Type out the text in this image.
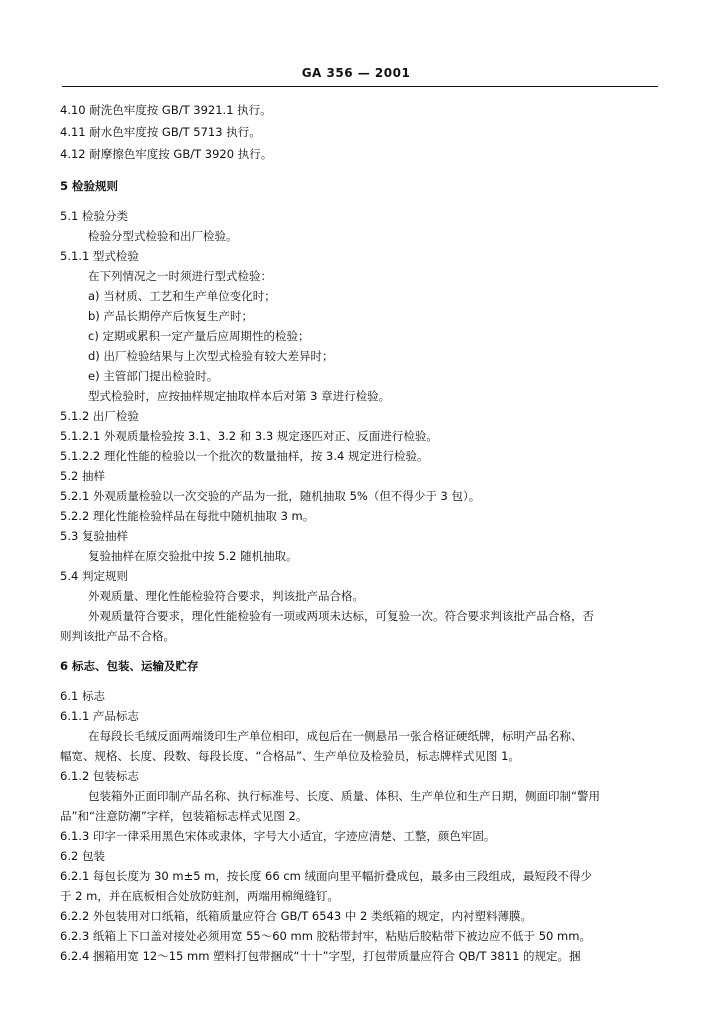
GA 356 — 2001
4.10 耐洗色牢度按 GB/T 3921.1 执行。
4.11 耐水色牢度按 GB/T 5713 执行。
4.12 耐摩擦色牢度按 GB/T 3920 执行。
5 检验规则
5.1 检验分类
检验分型式检验和出厂检验。
5.1.1 型式检验
在下列情况之一时须进行型式检验：
a) 当材质、工艺和生产单位变化时；
b) 产品长期停产后恢复生产时；
c) 定期或累积一定产量后应周期性的检验；
d) 出厂检验结果与上次型式检验有较大差异时；
e) 主管部门提出检验时。
型式检验时，应按抽样规定抽取样本后对第 3 章进行检验。
5.1.2 出厂检验
5.1.2.1 外观质量检验按 3.1、3.2 和 3.3 规定逐匹对正、反面进行检验。
5.1.2.2 理化性能的检验以一个批次的数量抽样，按 3.4 规定进行检验。
5.2 抽样
5.2.1 外观质量检验以一次交验的产品为一批，随机抽取 5%（但不得少于 3 包）。
5.2.2 理化性能检验样品在每批中随机抽取 3 m。
5.3 复验抽样
复验抽样在原交验批中按 5.2 随机抽取。
5.4 判定规则
外观质量、理化性能检验符合要求，判该批产品合格。
外观质量符合要求，理化性能检验有一项或两项未达标，可复验一次。符合要求判该批产品合格，否
则判该批产品不合格。
6 标志、包装、运输及贮存
6.1 标志
6.1.1 产品标志
在每段长毛绒反面两端烫印生产单位相印，成包后在一侧悬吊一张合格证硬纸牌，标明产品名称、
幅宽、规格、长度、段数、每段长度、“合格品”、生产单位及检验员，标志牌样式见图 1。
6.1.2 包装标志
包装箱外正面印制产品名称、执行标准号、长度、质量、体积、生产单位和生产日期，侧面印制“警用
品”和“注意防潮”字样，包装箱标志样式见图 2。
6.1.3 印字一律采用黑色宋体或隶体，字号大小适宜，字迹应清楚、工整，颜色牢固。
6.2 包装
6.2.1 每包长度为 30 m±5 m，按长度 66 cm 绒面向里平幅折叠成包，最多由三段组成，最短段不得少
于 2 m，并在底板相合处放防蛀剂，两端用棉绳缝钉。
6.2.2 外包装用对口纸箱，纸箱质量应符合 GB/T 6543 中 2 类纸箱的规定，内衬塑料薄膜。
6.2.3 纸箱上下口盖对接处必须用宽 55～60 mm 胶粘带封牢，粘贴后胶粘带下被边应不低于 50 mm。
6.2.4 捆箱用宽 12～15 mm 塑料打包带捆成“十十”字型，打包带质量应符合 QB/T 3811 的规定。捆
